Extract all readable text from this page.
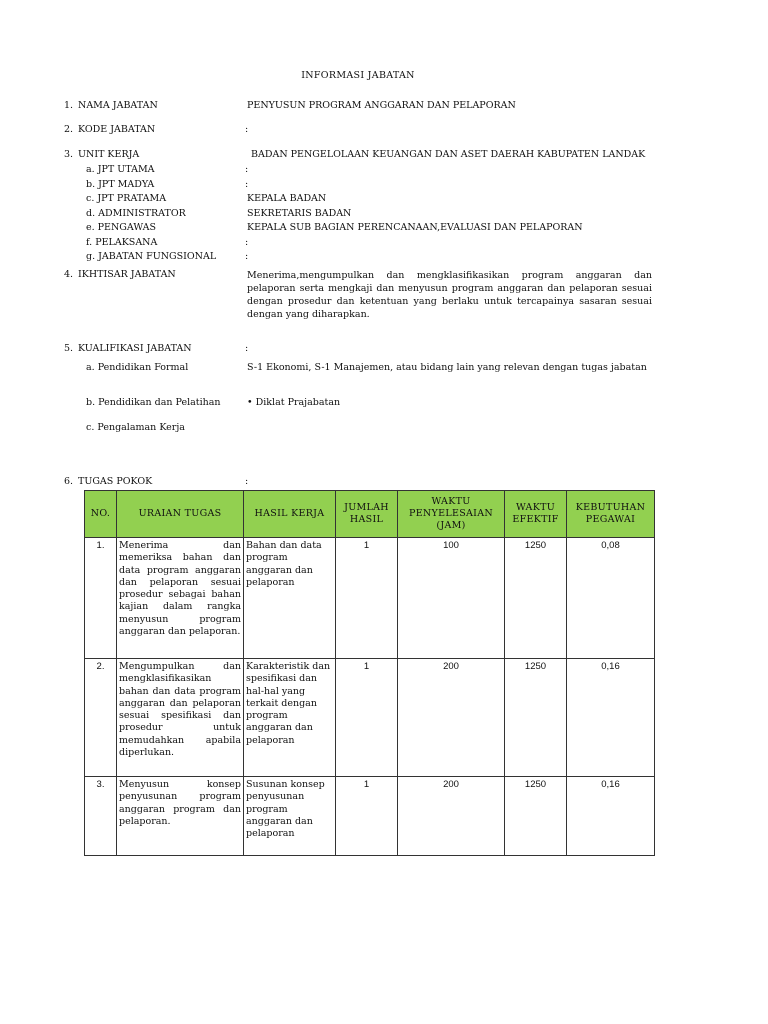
INFORMASI JABATAN
1. NAMA JABATAN	PENYUSUN PROGRAM ANGGARAN DAN PELAPORAN
2. KODE JABATAN	:
3. UNIT KERJA	BADAN PENGELOLAAN KEUANGAN DAN ASET DAERAH KABUPATEN LANDAK
a. JPT UTAMA	:
b. JPT MADYA	:
c. JPT PRATAMA	KEPALA BADAN
d. ADMINISTRATOR	SEKRETARIS BADAN
e. PENGAWAS	KEPALA SUB BAGIAN PERENCANAAN,EVALUASI DAN PELAPORAN
f. PELAKSANA	:
g. JABATAN FUNGSIONAL	:
4. IKHTISAR JABATAN	Menerima,mengumpulkan dan mengklasifikasikan program anggaran dan pelaporan serta mengkaji dan menyusun program anggaran dan pelaporan sesuai dengan prosedur dan ketentuan yang berlaku untuk tercapainya sasaran sesuai dengan yang diharapkan.
5. KUALIFIKASI JABATAN	:
a. Pendidikan Formal	S-1 Ekonomi, S-1 Manajemen, atau bidang lain yang relevan dengan tugas jabatan
b. Pendidikan dan Pelatihan	• Diklat Prajabatan
c. Pengalaman Kerja
6. TUGAS POKOK	:
NO.	URAIAN TUGAS	HASIL KERJA	JUMLAH HASIL	WAKTU PENYELESAIAN (JAM)	WAKTU EFEKTIF	KEBUTUHAN PEGAWAI
1.	Menerima dan memeriksa bahan dan data program anggaran dan pelaporan sesuai prosedur sebagai bahan kajian dalam rangka menyusun program anggaran dan pelaporan.	Bahan dan data program anggaran dan pelaporan	1	100	1250	0,08
2.	Mengumpulkan dan mengklasifikasikan bahan dan data program anggaran dan pelaporan sesuai spesifikasi dan prosedur untuk memudahkan apabila diperlukan.	Karakteristik dan spesifikasi dan hal-hal yang terkait dengan program anggaran dan pelaporan	1	200	1250	0,16
3.	Menyusun konsep penyusunan program anggaran program dan pelaporan.	Susunan konsep penyusunan program anggaran dan pelaporan	1	200	1250	0,16
